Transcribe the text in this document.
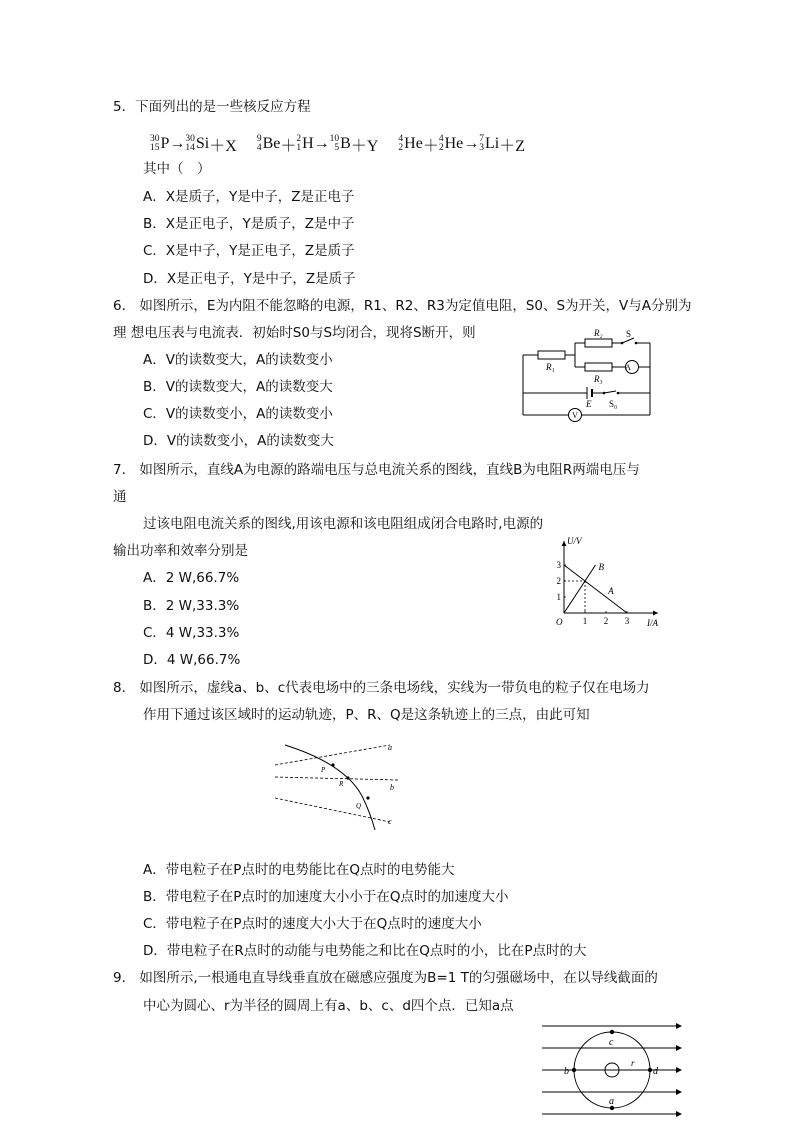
5．下面列出的是一些核反应方程
30
15 P → 30
14 Si ＋X
9
4 Be ＋ 2
1 H → 10
5 B ＋Y
4
2 He ＋ 4
2 He → 7
3 Li ＋Z
其中（　）
A．X是质子，Y是中子，Z是正电子
B．X是正电子，Y是质子，Z是中子
C．X是中子，Y是正电子，Z是质子
D．X是正电子，Y是中子，Z是质子
6． 如图所示，E为内阻不能忽略的电源，R1、R2、R3为定值电阻，S0、S为开关，V与A分别为
理 想电压表与电流表．初始时S0与S均闭合，现将S断开，则
A．V的读数变大，A的读数变小
B．V的读数变大，A的读数变大
C．V的读数变小，A的读数变小
D．V的读数变小，A的读数变大
R₁
R₂
R₃
S
A
E S₀
V
7． 如图所示，直线A为电源的路端电压与总电流关系的图线，直线B为电阻R两端电压与
通
过该电阻电流关系的图线,用该电源和该电阻组成闭合电路时,电源的
输出功率和效率分别是
A．2 W,66.7%
B．2 W,33.3%
C．4 W,33.3%
D．4 W,66.7%
1 2 3
1
2
3
A
B
U/V
I/A
O
8． 如图所示，虚线a、b、c代表电场中的三条电场线，实线为一带负电的粒子仅在电场力
作用下通过该区域时的运动轨迹，P、R、Q是这条轨迹上的三点，由此可知
a
b
c
P
R
Q
A．带电粒子在P点时的电势能比在Q点时的电势能大
B．带电粒子在P点时的加速度大小小于在Q点时的加速度大小
C．带电粒子在P点时的速度大小大于在Q点时的速度大小
D．带电粒子在R点时的动能与电势能之和比在Q点时的小，比在P点时的大
9． 如图所示,一根通电直导线垂直放在磁感应强度为B=1 T的匀强磁场中，在以导线截面的
中心为圆心、r为半径的圆周上有a、b、c、d四个点．已知a点
c
b	d
a
r
